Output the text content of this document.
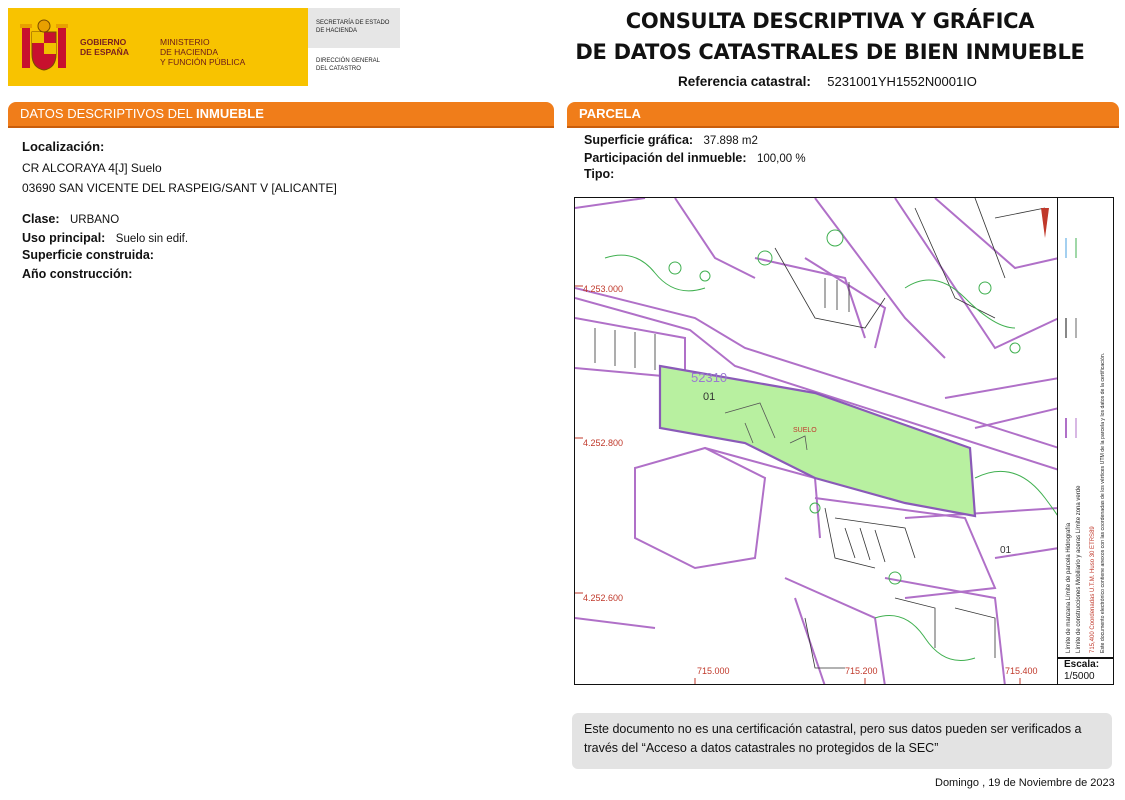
GOBIERNO
DE ESPAÑA
MINISTERIO
DE HACIENDA
Y FUNCIÓN PÚBLICA
SECRETARÍA DE ESTADO
DE HACIENDA
DIRECCIÓN GENERAL
DEL CATASTRO
CONSULTA DESCRIPTIVA Y GRÁFICA
DE DATOS CATASTRALES DE BIEN INMUEBLE
Referencia catastral: 5231001YH1552N0001IO
DATOS DESCRIPTIVOS DEL INMUEBLE
Localización:
CR ALCORAYA 4[J] Suelo
03690 SAN VICENTE DEL RASPEIG/SANT V [ALICANTE]
Clase: URBANO
Uso principal: Suelo sin edif.
Superficie construida:
Año construcción:
PARCELA
Superficie gráfica: 37.898 m2
Participación del inmueble: 100,00 %
Tipo:
52310
01
SUELO
01
4.253.000
4.252.800
4.252.600
715.000	715.200	715.400
Límite de manzana Límite de parcela Hidrografía Límite de construcciones Mobiliario y aceras Límite zona verde 715,400 Coordenadas U.T.M. Huso 30 ETRS89 Este documento electrónico contiene anexos con las coordenadas de los vértices UTM de la parcela y los datos de la certificación.
Escala:
1/5000
Este documento no es una certificación catastral, pero sus datos pueden ser verificados a
través del “Acceso a datos catastrales no protegidos de la SEC”
Domingo , 19 de Noviembre de 2023
